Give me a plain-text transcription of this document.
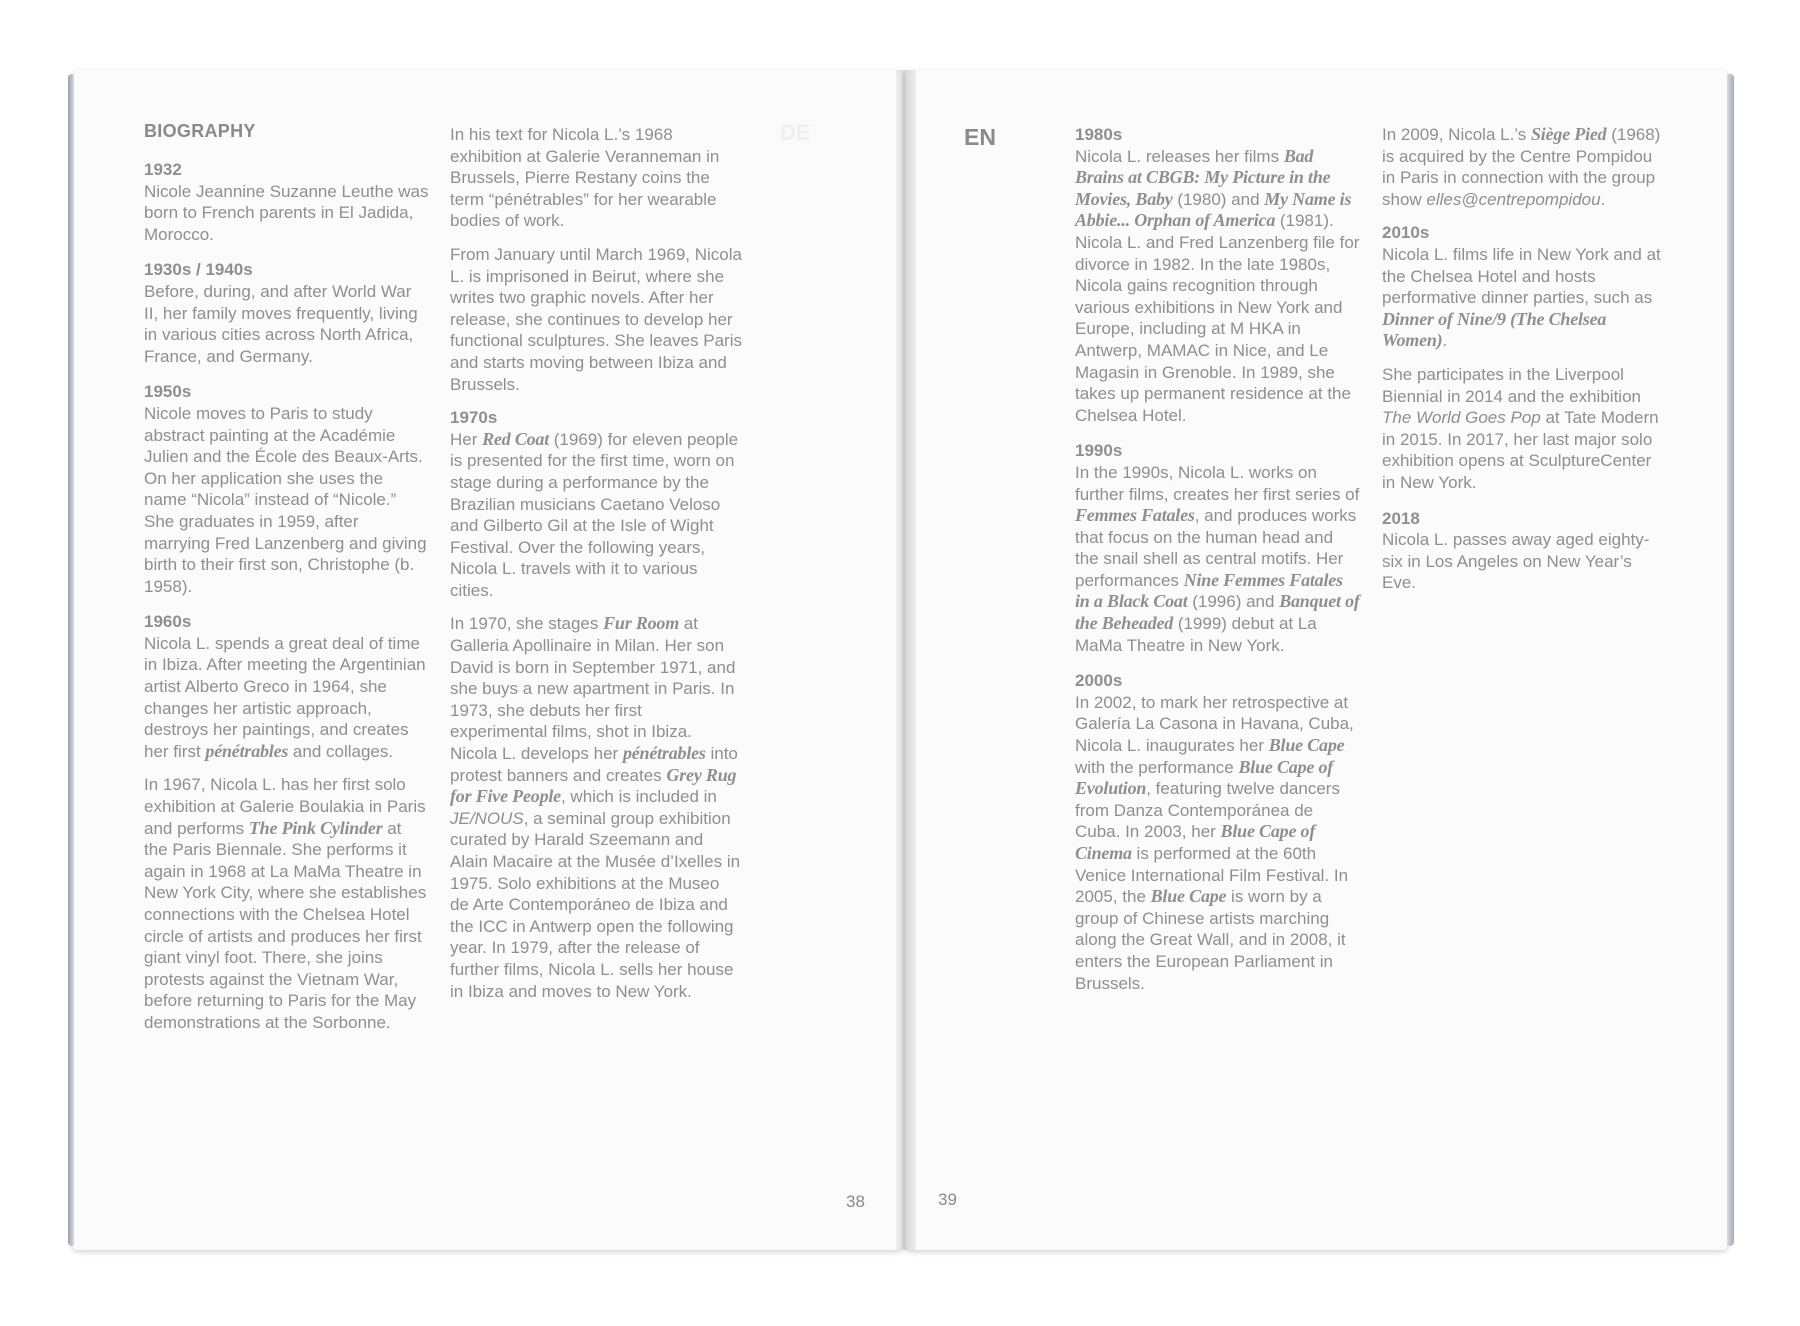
DE
BIOGRAPHY
1932
Nicole Jeannine Suzanne Leuthe was born to French parents in El Jadida, Morocco.
1930s / 1940s
Before, during, and after World War II, her family moves frequently, living in various cities across North Africa, France, and Germany.
1950s
Nicole moves to Paris to study abstract painting at the Académie Julien and the École des Beaux-Arts. On her application she uses the name “Nicola” instead of “Nicole.” She graduates in 1959, after marrying Fred Lanzenberg and giving birth to their first son, Christophe (b. 1958).
1960s

Nicola L. spends a great deal of time in Ibiza. After meeting the Argentinian artist Alberto Greco in 1964, she changes her artistic approach, destroys her paintings, and creates her first pénétrables and collages.

In 1967, Nicola L. has her first solo exhibition at Galerie Boulakia in Paris and performs The Pink Cylinder at the Paris Biennale. She performs it again in 1968 at La MaMa Theatre in New York City, where she establishes connections with the Chelsea Hotel circle of artists and produces her first giant vinyl foot. There, she joins protests against the Vietnam War, before returning to Paris for the May demonstrations at the Sorbonne.

In his text for Nicola L.’s 1968 exhibition at Galerie Veranneman in Brussels, Pierre Restany coins the term “pénétrables” for her wearable bodies of work.

From January until March 1969, Nicola L. is imprisoned in Beirut, where she writes two graphic novels. After her release, she continues to develop her functional sculptures. She leaves Paris and starts moving between Ibiza and Brussels.

1970s

Her Red Coat (1969) for eleven people is presented for the first time, worn on stage during a performance by the Brazilian musicians Caetano Veloso and Gilberto Gil at the Isle of Wight Festival. Over the following years, Nicola L. travels with it to various cities.

In 1970, she stages Fur Room at Galleria Apollinaire in Milan. Her son David is born in September 1971, and she buys a new apartment in Paris. In 1973, she debuts her first experimental films, shot in Ibiza. Nicola L. develops her pénétrables into protest banners and creates Grey Rug for Five People, which is included in JE/NOUS, a seminal group exhibition curated by Harald Szeemann and Alain Macaire at the Musée d’Ixelles in 1975. Solo exhibitions at the Museo de Arte Contemporáneo de Ibiza and the ICC in Antwerp open the following year. In 1979, after the release of further films, Nicola L. sells her house in Ibiza and moves to New York.

38
EN	1980s
Nicola L. releases her films Bad Brains at CBGB: My Picture in the Movies, Baby (1980) and My Name is Abbie... Orphan of America (1981). Nicola L. and Fred Lanzenberg file for divorce in 1982. In the late 1980s, Nicola gains recognition through various exhibitions in New York and Europe, including at M HKA in Antwerp, MAMAC in Nice, and Le Magasin in Grenoble. In 1989, she takes up permanent residence at the Chelsea Hotel.
1990s
In the 1990s, Nicola L. works on further films, creates her first series of Femmes Fatales, and produces works that focus on the human head and the snail shell as central motifs. Her performances Nine Femmes Fatales in a Black Coat (1996) and Banquet of the Beheaded (1999) debut at La MaMa Theatre in New York.
2000s
In 2002, to mark her retrospective at Galería La Casona in Havana, Cuba, Nicola L. inaugurates her Blue Cape with the performance Blue Cape of Evolution, featuring twelve dancers from Danza Contemporánea de Cuba. In 2003, her Blue Cape of Cinema is performed at the 60th Venice International Film Festival. In 2005, the Blue Cape is worn by a group of Chinese artists marching along the Great Wall, and in 2008, it enters the European Parliament in Brussels.

In 2009, Nicola L.’s Siège Pied (1968) is acquired by the Centre Pompidou in Paris in connection with the group show elles@centrepompidou.

2010s

Nicola L. films life in New York and at the Chelsea Hotel and hosts performative dinner parties, such as Dinner of Nine/9 (The Chelsea Women).

She participates in the Liverpool Biennial in 2014 and the exhibition The World Goes Pop at Tate Modern in 2015. In 2017, her last major solo exhibition opens at SculptureCenter in New York.

2018
Nicola L. passes away aged eighty-six in Los Angeles on New Year’s Eve.
39
